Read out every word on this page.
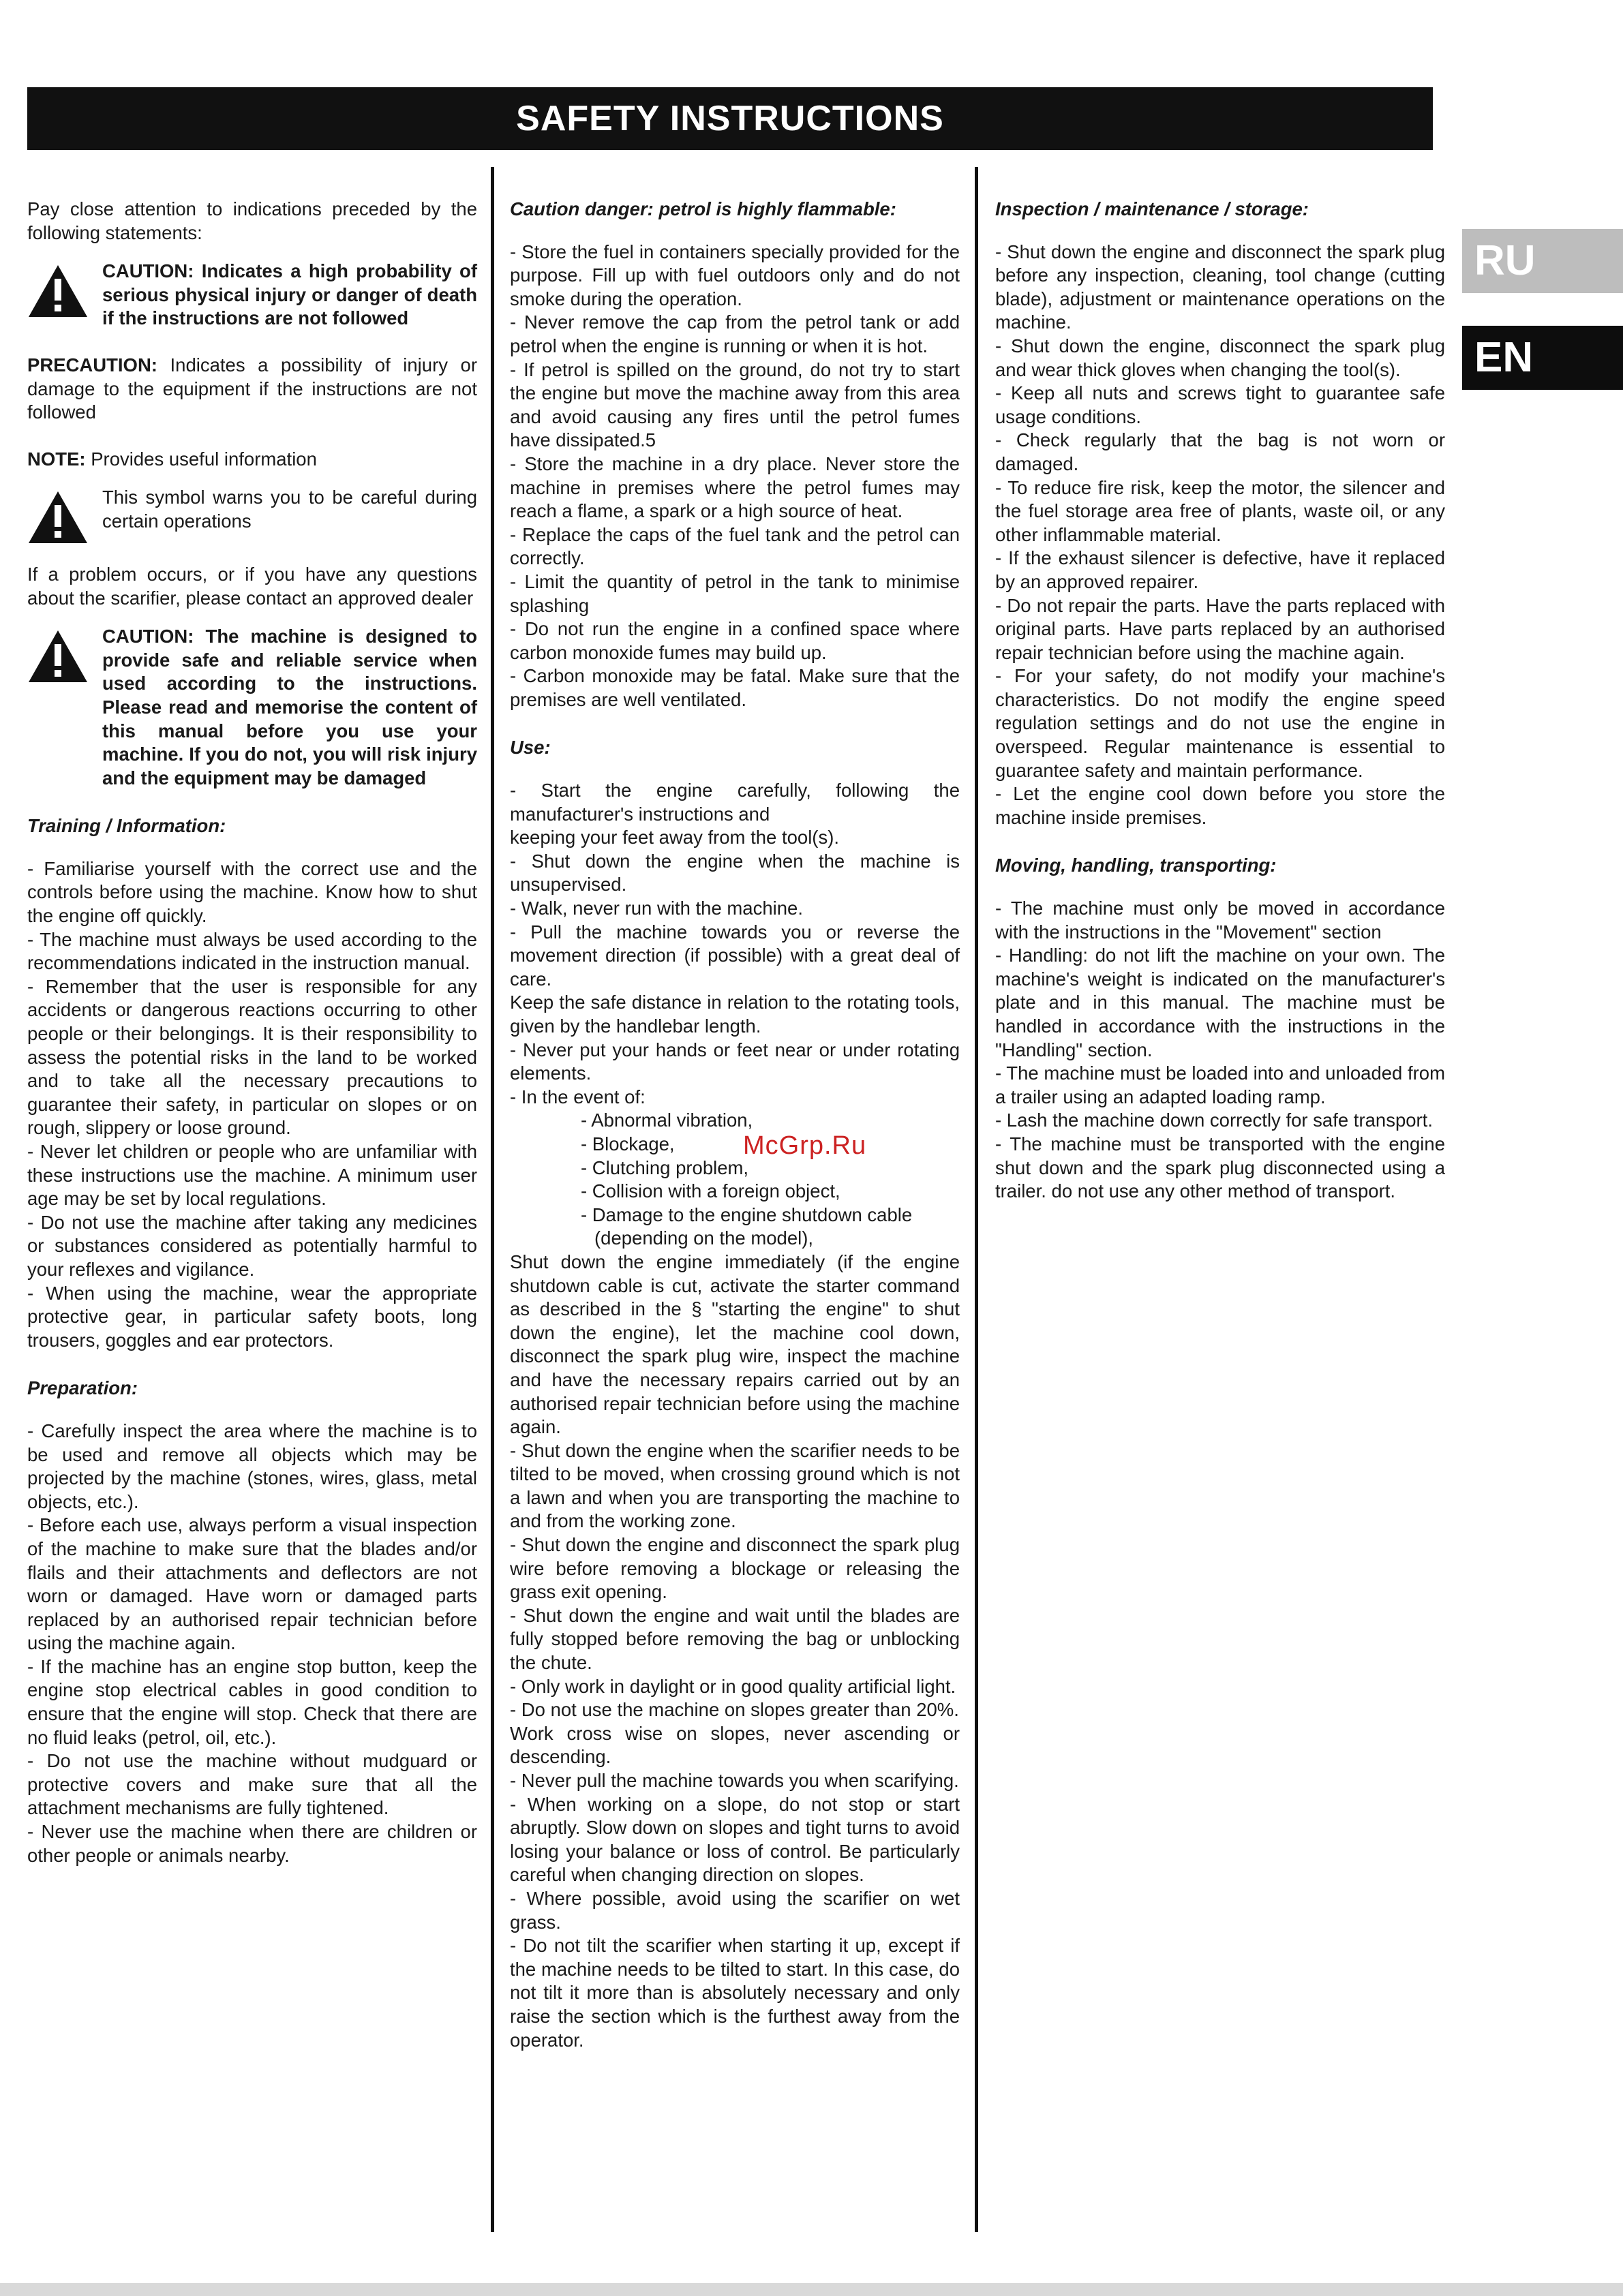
SAFETY INSTRUCTIONS
RU
EN

Pay close attention to indications preceded by the following statements:

CAUTION: Indicates a high probability of serious physical injury or danger of death if the instructions are not followed

PRECAUTION: Indicates a possibility of injury or damage to the equipment if the instructions are not followed

NOTE: Provides useful information

This symbol warns you to be careful during certain operations

If a problem occurs, or if you have any questions about the scarifier, please contact an approved dealer

CAUTION: The machine is designed to provide safe and reliable service when used according to the instructions. Please read and memorise the content of this manual before you use your machine. If you do not, you will risk injury and the equipment may be damaged

Training / Information:

- Familiarise yourself with the correct use and the controls before using the machine. Know how to shut the engine off quickly.

- The machine must always be used according to the recommendations indicated in the instruction manual.

- Remember that the user is responsible for any accidents or dangerous reactions occurring to other people or their belongings. It is their responsibility to assess the potential risks in the land to be worked and to take all the necessary precautions to guarantee their safety, in particular on slopes or on rough, slippery or loose ground.

- Never let children or people who are unfamiliar with these instructions use the machine. A minimum user age may be set by local regulations.

- Do not use the machine after taking any medicines or substances considered as potentially harmful to your reflexes and vigilance.

- When using the machine, wear the appropriate protective gear, in particular safety boots, long trousers, goggles and ear protectors.

Preparation:

- Carefully inspect the area where the machine is to be used and remove all objects which may be projected by the machine (stones, wires, glass, metal objects, etc.).

- Before each use, always perform a visual inspection of the machine to make sure that the blades and/or flails and their attachments and deflectors are not worn or damaged. Have worn or damaged parts replaced by an authorised repair technician before using the machine again.

- If the machine has an engine stop button, keep the engine stop electrical cables in good condition to ensure that the engine will stop. Check that there are no fluid leaks (petrol, oil, etc.).

- Do not use the machine without mudguard or protective covers and make sure that all the attachment mechanisms are fully tightened.

- Never use the machine when there are children or other people or animals nearby.

Caution danger: petrol is highly flammable:

- Store the fuel in containers specially provided for the purpose. Fill up with fuel outdoors only and do not smoke during the operation.

- Never remove the cap from the petrol tank or add petrol when the engine is running or when it is hot.

- If petrol is spilled on the ground, do not try to start the engine but move the machine away from this area and avoid causing any fires until the petrol fumes have dissipated.5

- Store the machine in a dry place. Never store the machine in premises where the petrol fumes may reach a flame, a spark or a high source of heat.

- Replace the caps of the fuel tank and the petrol can correctly.

- Limit the quantity of petrol in the tank to minimise splashing

- Do not run the engine in a confined space where carbon monoxide fumes may build up.

- Carbon monoxide may be fatal. Make sure that the premises are well ventilated.

Use:

- Start the engine carefully, following the manufacturer's instructions and

keeping your feet away from the tool(s).

- Shut down the engine when the machine is unsupervised.

- Walk, never run with the machine.

- Pull the machine towards you or reverse the movement direction (if possible) with a great deal of care.

Keep the safe distance in relation to the rotating tools, given by the handlebar length.

- Never put your hands or feet near or under rotating elements.

- In the event of:

- Abnormal vibration,

- Blockage,

- Clutching problem,

- Collision with a foreign object,

- Damage to the engine shutdown cable

(depending on the model),

Shut down the engine immediately (if the engine shutdown cable is cut, activate the starter command as described in the § "starting the engine" to shut down the engine), let the machine cool down, disconnect the spark plug wire, inspect the machine and have the necessary repairs carried out by an authorised repair technician before using the machine again.

- Shut down the engine when the scarifier needs to be tilted to be moved, when crossing ground which is not a lawn and when you are transporting the machine to and from the working zone.

- Shut down the engine and disconnect the spark plug wire before removing a blockage or releasing the grass exit opening.

- Shut down the engine and wait until the blades are fully stopped before removing the bag or unblocking the chute.

- Only work in daylight or in good quality artificial light.

- Do not use the machine on slopes greater than 20%.

Work cross wise on slopes, never ascending or descending.

- Never pull the machine towards you when scarifying.

- When working on a slope, do not stop or start abruptly. Slow down on slopes and tight turns to avoid losing your balance or loss of control. Be particularly careful when changing direction on slopes.

- Where possible, avoid using the scarifier on wet grass.

- Do not tilt the scarifier when starting it up, except if the machine needs to be tilted to start. In this case, do not tilt it more than is absolutely necessary and only raise the section which is the furthest away from the operator.

Inspection / maintenance / storage:

- Shut down the engine and disconnect the spark plug before any inspection, cleaning, tool change (cutting blade), adjustment or maintenance operations on the machine.

- Shut down the engine, disconnect the spark plug and wear thick gloves when changing the tool(s).

- Keep all nuts and screws tight to guarantee safe usage conditions.

- Check regularly that the bag is not worn or damaged.

- To reduce fire risk, keep the motor, the silencer and the fuel storage area free of plants, waste oil, or any other inflammable material.

- If the exhaust silencer is defective, have it replaced by an approved repairer.

- Do not repair the parts. Have the parts replaced with original parts. Have parts replaced by an authorised repair technician before using the machine again.

- For your safety, do not modify your machine's characteristics. Do not modify the engine speed regulation settings and do not use the engine in overspeed. Regular maintenance is essential to guarantee safety and maintain performance.

- Let the engine cool down before you store the machine inside premises.

Moving, handling, transporting:

- The machine must only be moved in accordance with the instructions in the "Movement" section

- Handling: do not lift the machine on your own. The machine's weight is indicated on the manufacturer's plate and in this manual. The machine must be handled in accordance with the instructions in the "Handling" section.

- The machine must be loaded into and unloaded from a trailer using an adapted loading ramp.

- Lash the machine down correctly for safe transport.

- The machine must be transported with the engine shut down and the spark plug disconnected using a trailer. do not use any other method of transport.

McGrp.Ru
